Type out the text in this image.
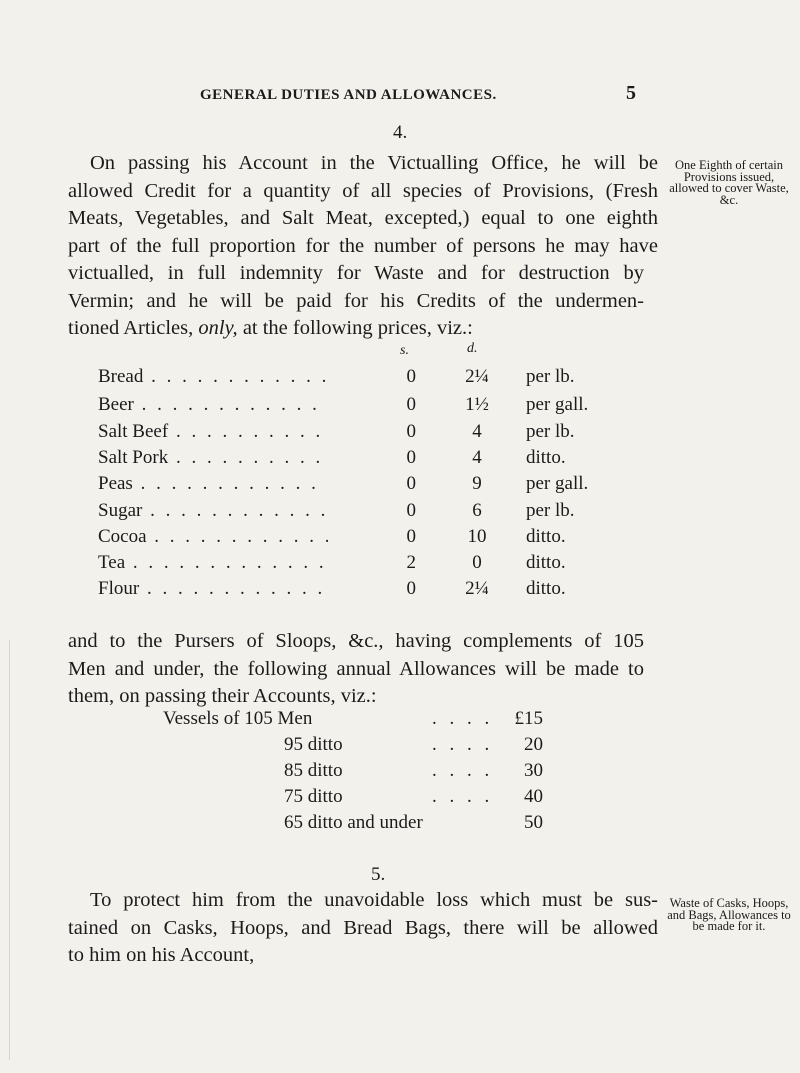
GENERAL DUTIES AND ALLOWANCES.	5
4.
On passing his Account in the Victualling Office, he will be
allowed Credit for a quantity of all species of Provisions, (Fresh
Meats, Vegetables, and Salt Meat, excepted,) equal to one eighth
part of the full proportion for the number of persons he may have
victualled, in full indemnity for Waste and for destruction by
Vermin; and he will be paid for his Credits of the undermen-
tioned Articles, only, at the following prices, viz.:
One Eighth of certain Provisions issued, allowed to cover Waste, &c.
s.	d.
Bread . . .	0	2¼ per lb.
Beer . . .	0	1½ per gall.
Salt Beef . . .	0	4	per lb.
Salt Pork . . .	0	4	ditto.
Peas . . .	0	9	per gall.
Sugar . . .	0	6	per lb.
Cocoa . . .	0	10 ditto.
Tea . . .	2	0	ditto.
Flour . . .	0	2¼ ditto.
and to the Pursers of Sloops, &c., having complements of 105
Men and under, the following annual Allowances will be made to
them, on passing their Accounts, viz.:
Vessels of 105 Men	. . . .	£15
95 ditto	. . . .	20
85 ditto	. . . .	30
75 ditto	. . . .	40
65 ditto and under	50
5.
To protect him from the unavoidable loss which must be sus-
tained on Casks, Hoops, and Bread Bags, there will be allowed
to him on his Account,
Waste of Casks, Hoops, and Bags, Allowances to be made for it.
